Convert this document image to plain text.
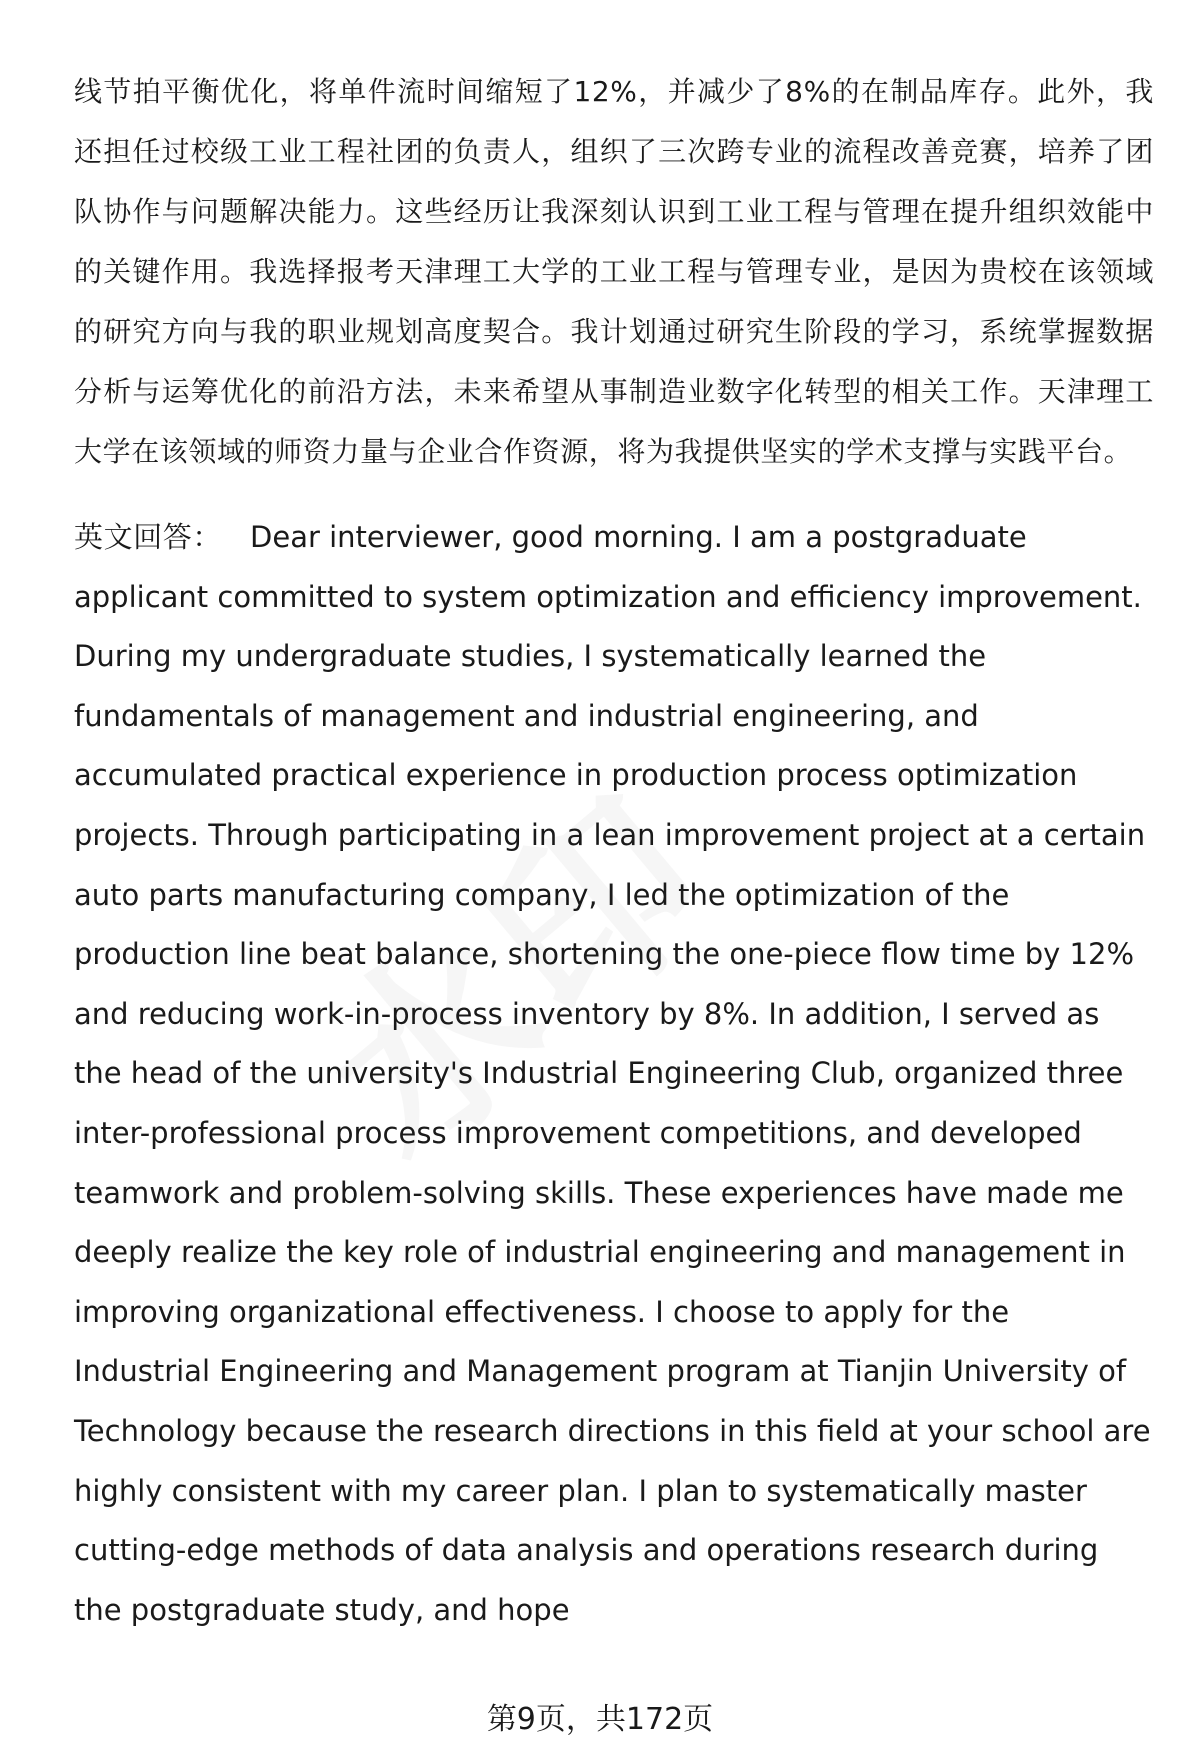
线节拍平衡优化，将单件流时间缩短了12%，并减少了8%的在制品库存。此外，我还担任过校级工业工程社团的负责人，组织了三次跨专业的流程改善竞赛，培养了团队协作与问题解决能力。这些经历让我深刻认识到工业工程与管理在提升组织效能中的关键作用。我选择报考天津理工大学的工业工程与管理专业，是因为贵校在该领域的研究方向与我的职业规划高度契合。我计划通过研究生阶段的学习，系统掌握数据分析与运筹优化的前沿方法，未来希望从事制造业数字化转型的相关工作。天津理工大学在该领域的师资力量与企业合作资源，将为我提供坚实的学术支撑与实践平台。

英文回答： Dear interviewer, good morning. I am a postgraduate applicant committed to system optimization and efficiency improvement. During my undergraduate studies, I systematically learned the fundamentals of management and industrial engineering, and accumulated practical experience in production process optimization projects. Through participating in a lean improvement project at a certain auto parts manufacturing company, I led the optimization of the production line beat balance, shortening the one-piece flow time by 12% and reducing work-in-process inventory by 8%. In addition, I served as the head of the university's Industrial Engineering Club, organized three inter-professional process improvement competitions, and developed teamwork and problem-solving skills. These experiences have made me deeply realize the key role of industrial engineering and management in improving organizational effectiveness. I choose to apply for the Industrial Engineering and Management program at Tianjin University of Technology because the research directions in this field at your school are highly consistent with my career plan. I plan to systematically master cutting-edge methods of data analysis and operations research during the postgraduate study, and hope

第9页，共172页
